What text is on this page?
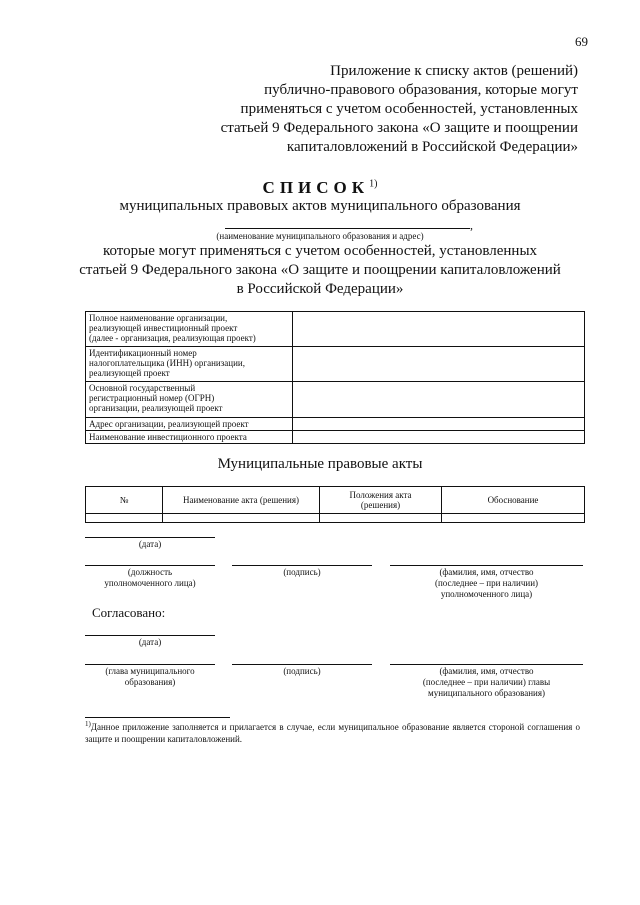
69
Приложение к списку актов (решений)
публично-правового образования, которые могут
применяться с учетом особенностей, установленных
статьей 9 Федерального закона «О защите и поощрении
капиталовложений в Российской Федерации»
СПИСОК$^{1)}$
муниципальных правовых актов муниципального образования
,
(наименование муниципального образования и адрес)
которые могут применяться с учетом особенностей, установленных
статьей 9 Федерального закона «О защите и поощрении капиталовложений
в Российской Федерации»
Полное наименование организации,
реализующей инвестиционный проект
(далее - организация, реализующая проект)	

Идентификационный номер
налогоплательщика (ИНН) организации,
реализующей проект	

Основной государственный
регистрационный номер (ОГРН)
организации, реализующей проект	

Адрес организации, реализующей проект	

Наименование инвестиционного проекта	

Муниципальные правовые акты
№	Наименование акта (решения)	Положения акта (решения)	Обоснование

(дата)
(должность
уполномоченного лица)
(подпись)	(фамилия, имя, отчество
(последнее – при наличии)
уполномоченного лица)
Согласовано:
(дата)
(глава муниципального
образования)
(подпись)	(фамилия, имя, отчество
(последнее – при наличии) главы
муниципального образования)
$^{1)}$Данное приложение заполняется и прилагается в случае, если муниципальное образование является стороной соглашения о защите и поощрении капиталовложений.
